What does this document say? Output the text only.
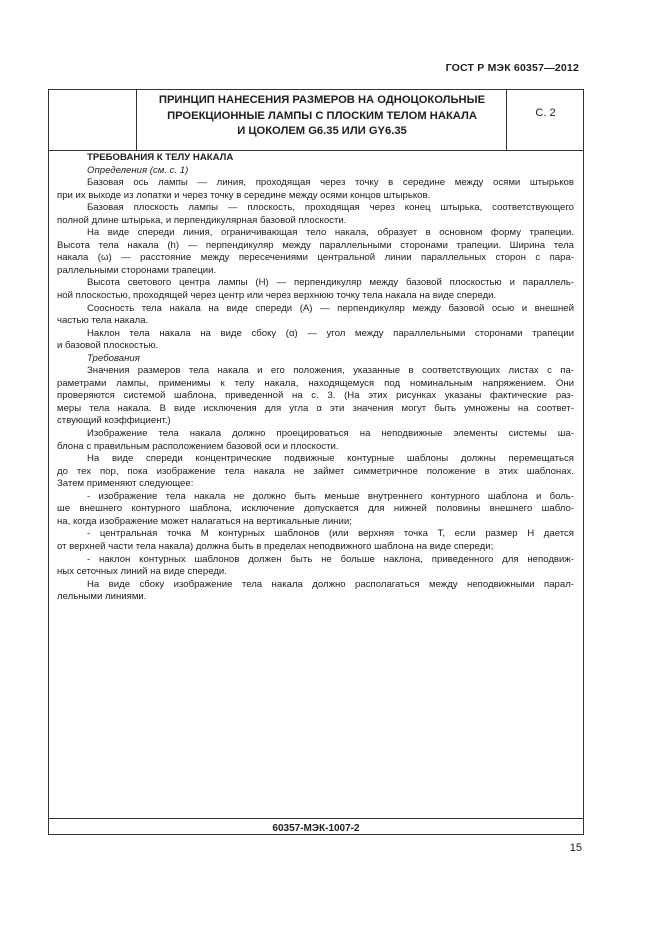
ГОСТ Р МЭК 60357—2012
ПРИНЦИП НАНЕСЕНИЯ РАЗМЕРОВ НА ОДНОЦОКОЛЬНЫЕ
ПРОЕКЦИОННЫЕ ЛАМПЫ С ПЛОСКИМ ТЕЛОМ НАКАЛА
И ЦОКОЛЕМ G6.35 ИЛИ GY6.35
С. 2

ТРЕБОВАНИЯ К ТЕЛУ НАКАЛА

Определения (см. с. 1)

Базовая ось лампы — линия, проходящая через точку в середине между осями штырьков
при их выходе из лопатки и через точку в середине между осями концов штырьков.

Базовая плоскость лампы — плоскость, проходящая через конец штырька, соответствующего
полной длине штырька, и перпендикулярная базовой плоскости.

На виде спереди линия, ограничивающая тело накала, образует в основном форму трапеции.
Высота тела накала (h) — перпендикуляр между параллельными сторонами трапеции. Ширина тела
накала (ω) — расстояние между пересечениями центральной линии параллельных сторон с пара-
раллельными сторонами трапеции.

Высота светового центра лампы (H) — перпендикуляр между базовой плоскостью и параллель-
ной плоскостью, проходящей через центр или через верхнюю точку тела накала на виде спереди.

Соосность тела накала на виде спереди (A) — перпендикуляр между базовой осью и внешней
частью тела накала.

Наклон тела накала на виде сбоку (α) — угол между параллельными сторонами трапеции
и базовой плоскостью.

Требования

Значения размеров тела накала и его положения, указанные в соответствующих листах с па-
раметрами лампы, применимы к телу накала, находящемуся под номинальным напряжением. Они
проверяются системой шаблона, приведенной на с. 3. (На этих рисунках указаны фактические раз-
меры тела накала. В виде исключения для угла α эти значения могут быть умножены на соответ-
ствующий коэффициент.)

Изображение тела накала должно проецироваться на неподвижные элементы системы ша-
блона с правильным расположением базовой оси и плоскости.

На виде спереди концентрические подвижные контурные шаблоны должны перемещаться
до тех пор, пока изображение тела накала не займет симметричное положение в этих шаблонах.
Затем применяют следующее:

- изображение тела накала не должно быть меньше внутреннего контурного шаблона и боль-
ше внешнего контурного шаблона, исключение допускается для нижней половины внешнего шабло-
на, когда изображение может налагаться на вертикальные линии;

- центральная точка M контурных шаблонов (или верхняя точка T, если размер H дается
от верхней части тела накала) должна быть в пределах неподвижного шаблона на виде спереди;

- наклон контурных шаблонов должен быть не больше наклона, приведенного для неподвиж-
ных сеточных линий на виде спереди.

На виде сбоку изображение тела накала должно располагаться между неподвижными парал-
лельными линиями.

60357-МЭК-1007-2
15
